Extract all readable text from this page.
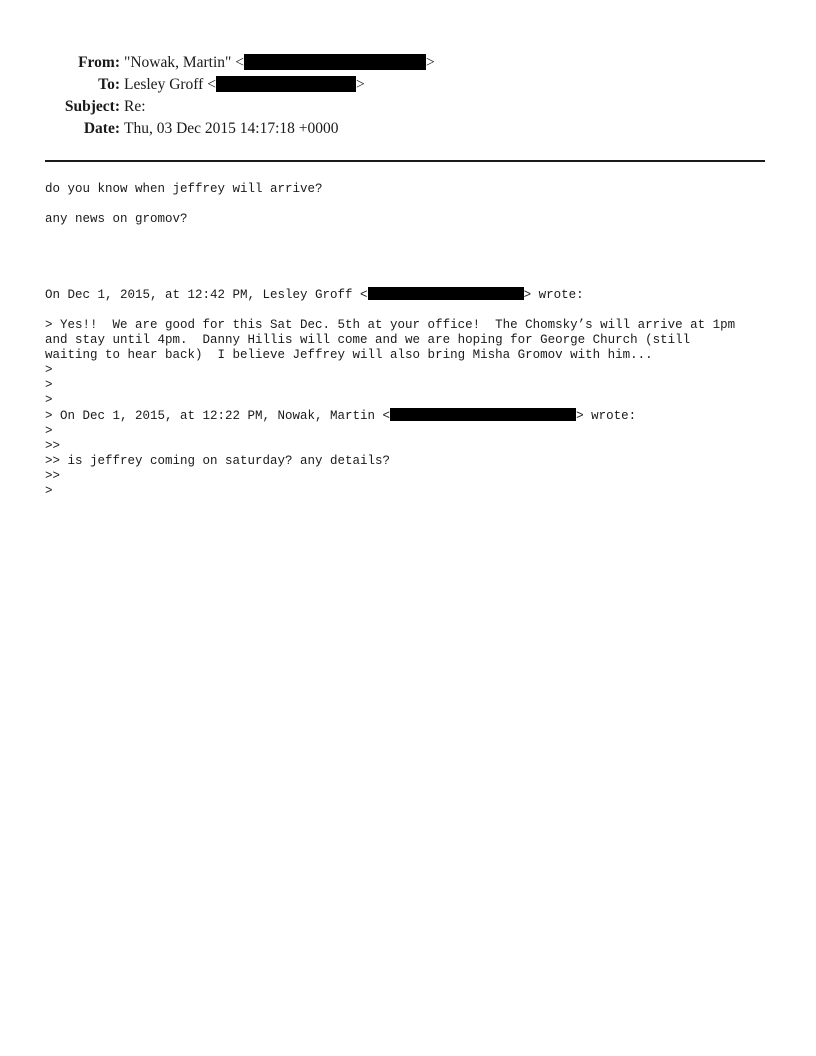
From: "Nowak, Martin" <	>
To: Lesley Groff <	>
Subject: Re:
Date: Thu, 03 Dec 2015 14:17:18 +0000
do you know when jeffrey will arrive?
any news on gromov?
On Dec 1, 2015, at 12:42 PM, Lesley Groff <	> wrote:
> Yes!!  We are good for this Sat Dec. 5th at your office!  The Chomsky’s will arrive at 1pm
and stay until 4pm.  Danny Hillis will come and we are hoping for George Church (still
waiting to hear back)  I believe Jeffrey will also bring Misha Gromov with him...
>
>
>
> On Dec 1, 2015, at 12:22 PM, Nowak, Martin <	> wrote:
>
>>
>> is jeffrey coming on saturday? any details?
>>
>
